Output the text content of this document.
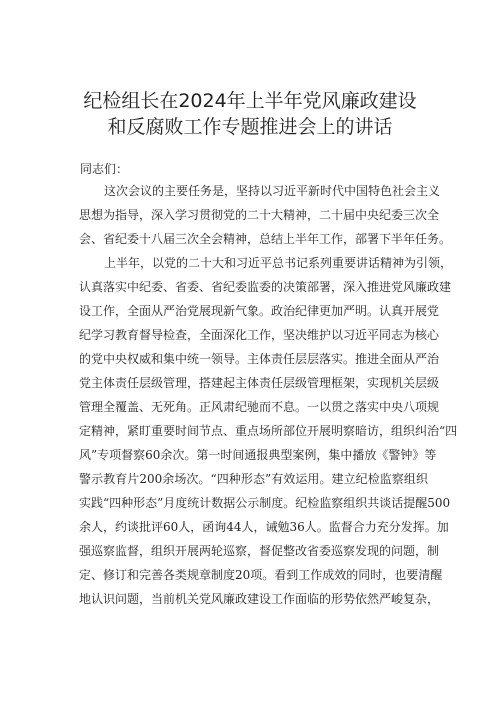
纪检组长在2024年上半年党风廉政建设
和反腐败工作专题推进会上的讲话
同志们：
这次会议的主要任务是，坚持以习近平新时代中国特色社会主义
思想为指导，深入学习贯彻党的二十大精神，二十届中央纪委三次全
会、省纪委十八届三次全会精神，总结上半年工作，部署下半年任务。
上半年，以党的二十大和习近平总书记系列重要讲话精神为引领，
认真落实中纪委、省委、省纪委监委的决策部署，深入推进党风廉政建
设工作，全面从严治党展现新气象。政治纪律更加严明。认真开展党
纪学习教育督导检查，全面深化工作，坚决维护以习近平同志为核心
的党中央权威和集中统一领导。主体责任层层落实。推进全面从严治
党主体责任层级管理，搭建起主体责任层级管理框架，实现机关层级
管理全覆盖、无死角。正风肃纪驰而不息。一以贯之落实中央八项规
定精神，紧盯重要时间节点、重点场所部位开展明察暗访，组织纠治“四
风”专项督察60余次。第一时间通报典型案例，集中播放《警钟》等
警示教育片200余场次。“四种形态”有效运用。建立纪检监察组织
实践“四种形态”月度统计数据公示制度。纪检监察组织共谈话提醒500
余人，约谈批评60人，函询44人，诫勉36人。监督合力充分发挥。加
强巡察监督，组织开展两轮巡察，督促整改省委巡察发现的问题，制
定、修订和完善各类规章制度20项。看到工作成效的同时，也要清醒
地认识问题，当前机关党风廉政建设工作面临的形势依然严峻复杂，
